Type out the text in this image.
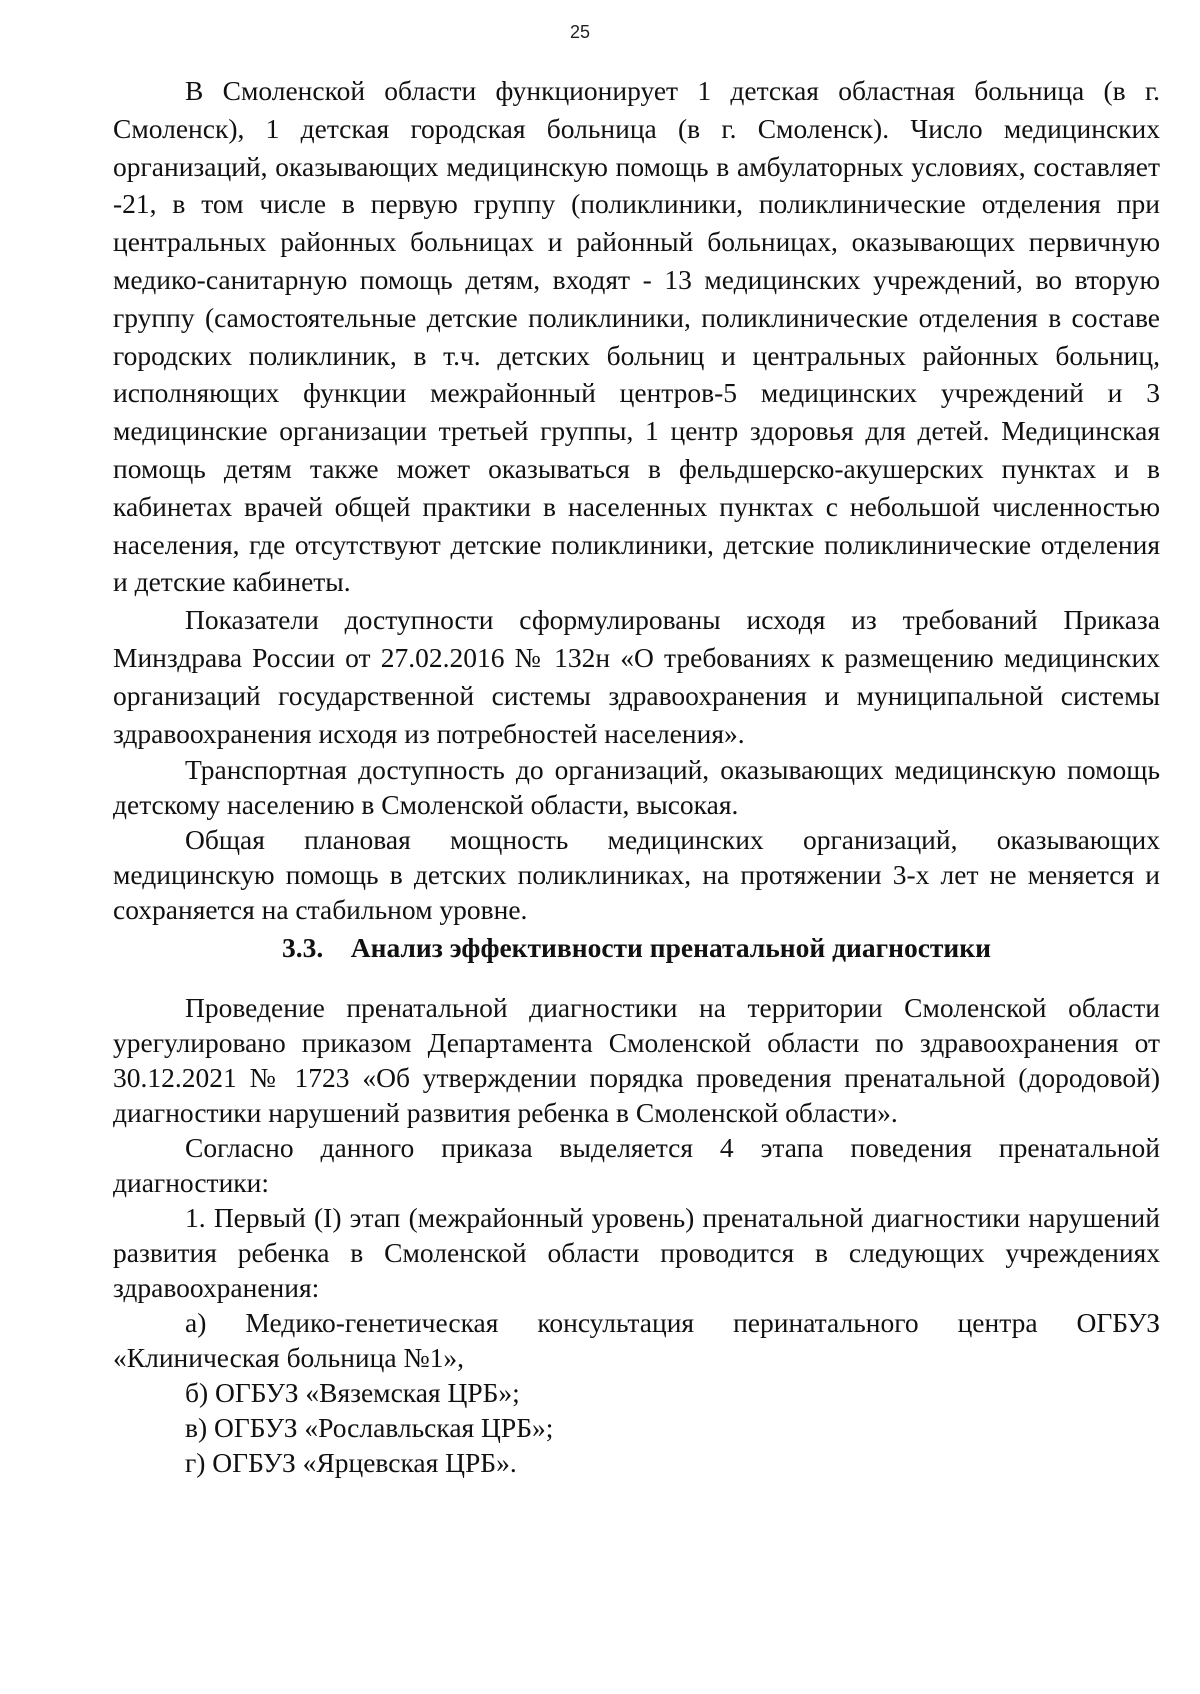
25

В Смоленской области функционирует 1 детская областная больница (в г. Смоленск), 1 детская городская больница (в г. Смоленск). Число медицинских организаций, оказывающих медицинскую помощь в амбулаторных условиях, составляет -21, в том числе в первую группу (поликлиники, поликлинические отделения при центральных районных больницах и районный больницах, оказывающих первичную медико-санитарную помощь детям, входят - 13 медицинских учреждений, во вторую группу (самостоятельные детские поликлиники, поликлинические отделения в составе городских поликлиник, в т.ч. детских больниц и центральных районных больниц, исполняющих функции межрайонный центров-5 медицинских учреждений и 3 медицинские организации третьей группы, 1 центр здоровья для детей. Медицинская помощь детям также может оказываться в фельдшерско-акушерских пунктах и в кабинетах врачей общей практики в населенных пунктах с небольшой численностью населения, где отсутствуют детские поликлиники, детские поликлинические отделения и детские кабинеты.

Показатели доступности сформулированы исходя из требований Приказа Минздрава России от 27.02.2016 № 132н «О требованиях к размещению медицинских организаций государственной системы здравоохранения и муниципальной системы здравоохранения исходя из потребностей населения».

Транспортная доступность до организаций, оказывающих медицинскую помощь детскому населению в Смоленской области, высокая.

Общая плановая мощность медицинских организаций, оказывающих медицинскую помощь в детских поликлиниках, на протяжении 3-х лет не меняется и сохраняется на стабильном уровне.

3.3. Анализ эффективности пренатальной диагностики

Проведение пренатальной диагностики на территории Смоленской области урегулировано приказом Департамента Смоленской области по здравоохранения от 30.12.2021 № 1723 «Об утверждении порядка проведения пренатальной (дородовой) диагностики нарушений развития ребенка в Смоленской области».

Согласно данного приказа выделяется 4 этапа поведения пренатальной диагностики:

1. Первый (I) этап (межрайонный уровень) пренатальной диагностики нарушений развития ребенка в Смоленской области проводится в следующих учреждениях здравоохранения:

а) Медико-генетическая консультация перинатального центра ОГБУЗ «Клиническая больница №1»,

б) ОГБУЗ «Вяземская ЦРБ»;

в) ОГБУЗ «Рославльская ЦРБ»;

г) ОГБУЗ «Ярцевская ЦРБ».
